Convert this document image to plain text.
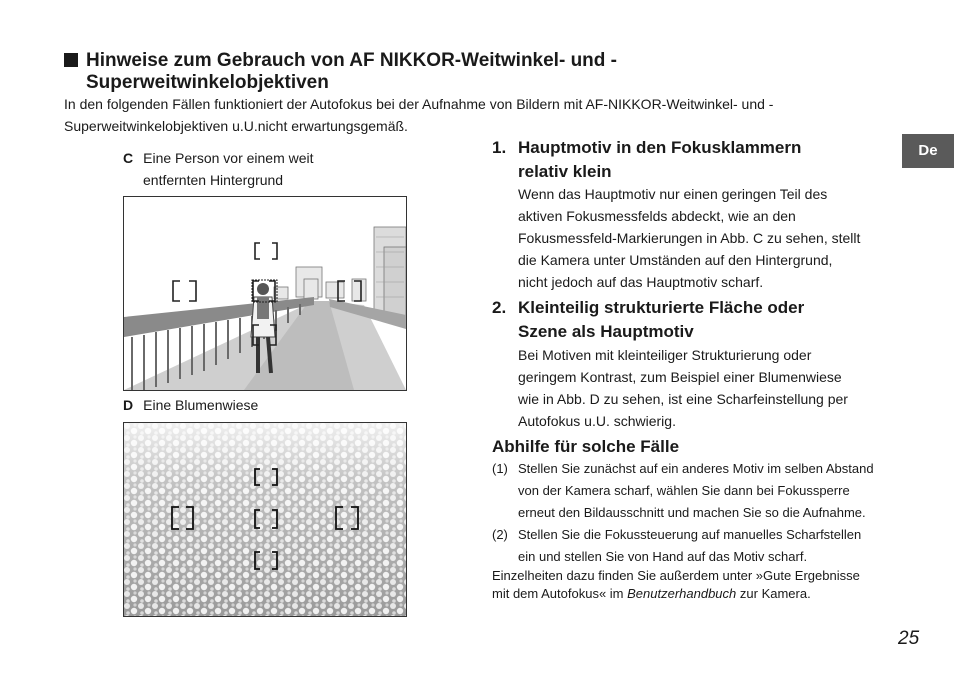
Hinweise zum Gebrauch von AF NIKKOR-Weitwinkel- und -
Superweitwinkelobjektiven
In den folgenden Fällen funktioniert der Autofokus bei der Aufnahme von Bildern mit AF-NIKKOR-Weitwinkel- und -
Superweitwinkelobjektiven u.U.nicht erwartungsgemäß.
C Eine Person vor einem weit
entfernten Hintergrund
D Eine Blumenwiese
1. Hauptmotiv in den Fokusklammern
relativ klein
Wenn das Hauptmotiv nur einen geringen Teil des
aktiven Fokusmessfelds abdeckt, wie an den
Fokusmessfeld-Markierungen in Abb. C zu sehen, stellt
die Kamera unter Umständen auf den Hintergrund,
nicht jedoch auf das Hauptmotiv scharf.
2. Kleinteilig strukturierte Fläche oder
Szene als Hauptmotiv
Bei Motiven mit kleinteiliger Strukturierung oder
geringem Kontrast, zum Beispiel einer Blumenwiese
wie in Abb. D zu sehen, ist eine Scharfeinstellung per
Autofokus u.U. schwierig.
Abhilfe für solche Fälle
(1) Stellen Sie zunächst auf ein anderes Motiv im selben Abstand
von der Kamera scharf, wählen Sie dann bei Fokussperre
erneut den Bildausschnitt und machen Sie so die Aufnahme.
(2) Stellen Sie die Fokussteuerung auf manuelles Scharfstellen
ein und stellen Sie von Hand auf das Motiv scharf.
Einzelheiten dazu finden Sie außerdem unter »Gute Ergebnisse
mit dem Autofokus« im Benutzerhandbuch zur Kamera.
De
25
